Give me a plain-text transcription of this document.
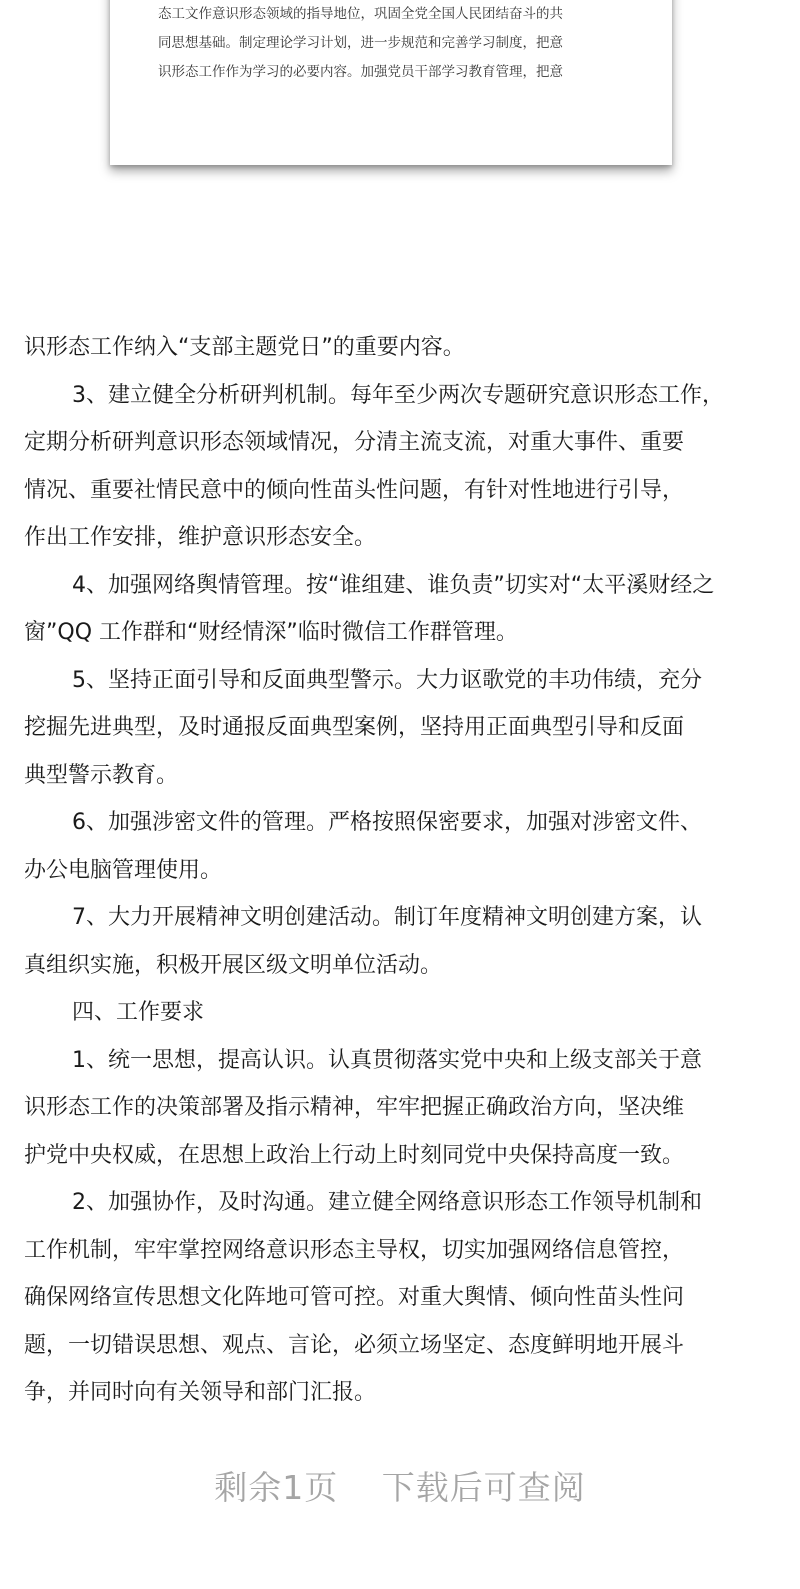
态工文作意识形态领域的指导地位，巩固全党全国人民团结奋斗的共
同思想基础。制定理论学习计划，进一步规范和完善学习制度，把意
识形态工作作为学习的必要内容。加强党员干部学习教育管理，把意
识形态工作纳入“支部主题党日”的重要内容。
3、建立健全分析研判机制。每年至少两次专题研究意识形态工作，
定期分析研判意识形态领域情况，分清主流支流，对重大事件、重要
情况、重要社情民意中的倾向性苗头性问题，有针对性地进行引导，
作出工作安排，维护意识形态安全。
4、加强网络舆情管理。按“谁组建、谁负责”切实对“太平溪财经之
窗”QQ 工作群和“财经情深”临时微信工作群管理。
5、坚持正面引导和反面典型警示。大力讴歌党的丰功伟绩，充分
挖掘先进典型，及时通报反面典型案例，坚持用正面典型引导和反面
典型警示教育。
6、加强涉密文件的管理。严格按照保密要求，加强对涉密文件、
办公电脑管理使用。
7、大力开展精神文明创建活动。制订年度精神文明创建方案，认
真组织实施，积极开展区级文明单位活动。
四、工作要求
1、统一思想，提高认识。认真贯彻落实党中央和上级支部关于意
识形态工作的决策部署及指示精神，牢牢把握正确政治方向，坚决维
护党中央权威，在思想上政治上行动上时刻同党中央保持高度一致。
2、加强协作，及时沟通。建立健全网络意识形态工作领导机制和
工作机制，牢牢掌控网络意识形态主导权，切实加强网络信息管控，
确保网络宣传思想文化阵地可管可控。对重大舆情、倾向性苗头性问
题，一切错误思想、观点、言论，必须立场坚定、态度鲜明地开展斗
争，并同时向有关领导和部门汇报。
剩余1页 下载后可查阅
